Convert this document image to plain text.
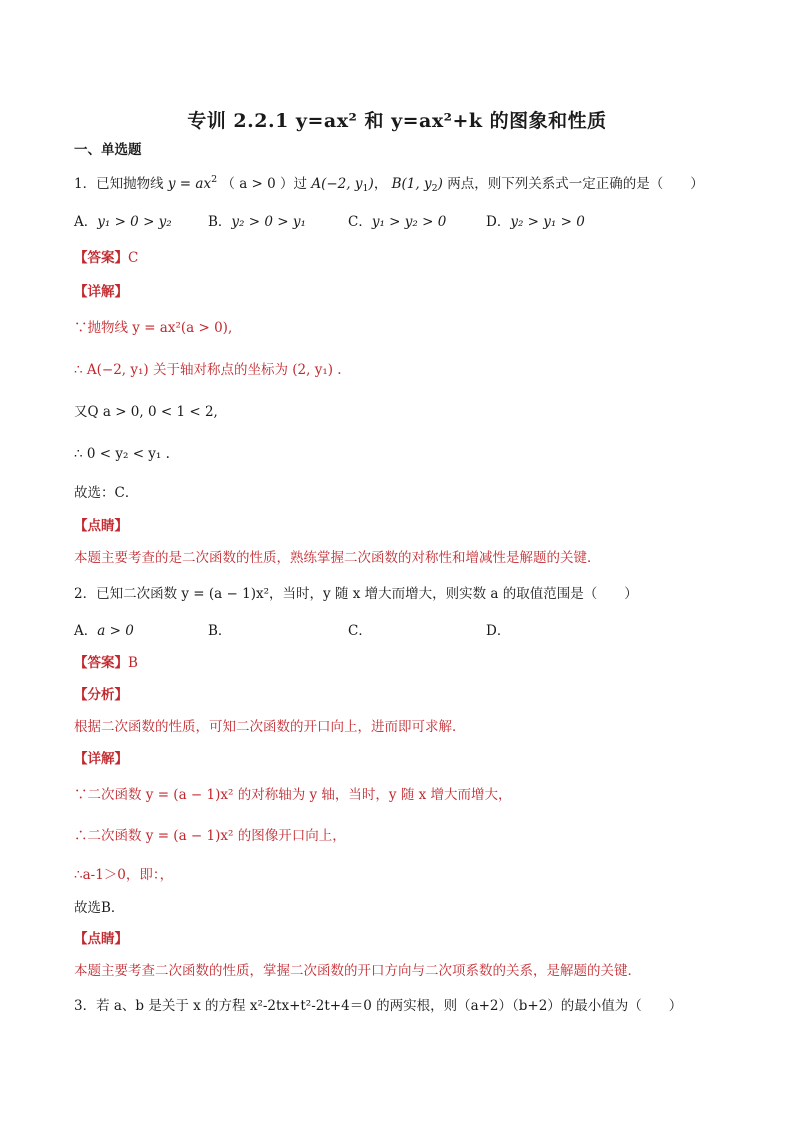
专训 2.2.1 y=ax² 和 y=ax²+k 的图象和性质
一、单选题
1．已知抛物线 $y = ax^2$ （ a > 0 ）过 A(−2, $y_1$)， B(1, $y_2$) 两点，则下列关系式一定正确的是（　　）
A．y₁ > 0 > y₂	B．y₂ > 0 > y₁	C．y₁ > y₂ > 0	D．y₂ > y₁ > 0
【答案】C
【详解】
∵抛物线 y = ax²(a > 0),
∴ A(−2, y₁) 关于轴对称点的坐标为 (2, y₁) .
又Q a > 0, 0 < 1 < 2,
∴ 0 < y₂ < y₁ .
故选：C．
【点睛】
本题主要考查的是二次函数的性质，熟练掌握二次函数的对称性和增减性是解题的关键．
2．已知二次函数 y = (a − 1)x²，当时，y 随 x 增大而增大，则实数 a 的取值范围是（　　）
A．a > 0	B．	C．	D．
【答案】B
【分析】
根据二次函数的性质，可知二次函数的开口向上，进而即可求解．
【详解】
∵二次函数 y = (a − 1)x² 的对称轴为 y 轴，当时，y 随 x 增大而增大，
∴二次函数 y = (a − 1)x² 的图像开口向上，
∴a-1＞0，即：，
故选B．
【点睛】
本题主要考查二次函数的性质，掌握二次函数的开口方向与二次项系数的关系，是解题的关键．
3．若 a、b 是关于 x 的方程 x²-2tx+t²-2t+4＝0 的两实根，则（a+2）（b+2）的最小值为（　　）
